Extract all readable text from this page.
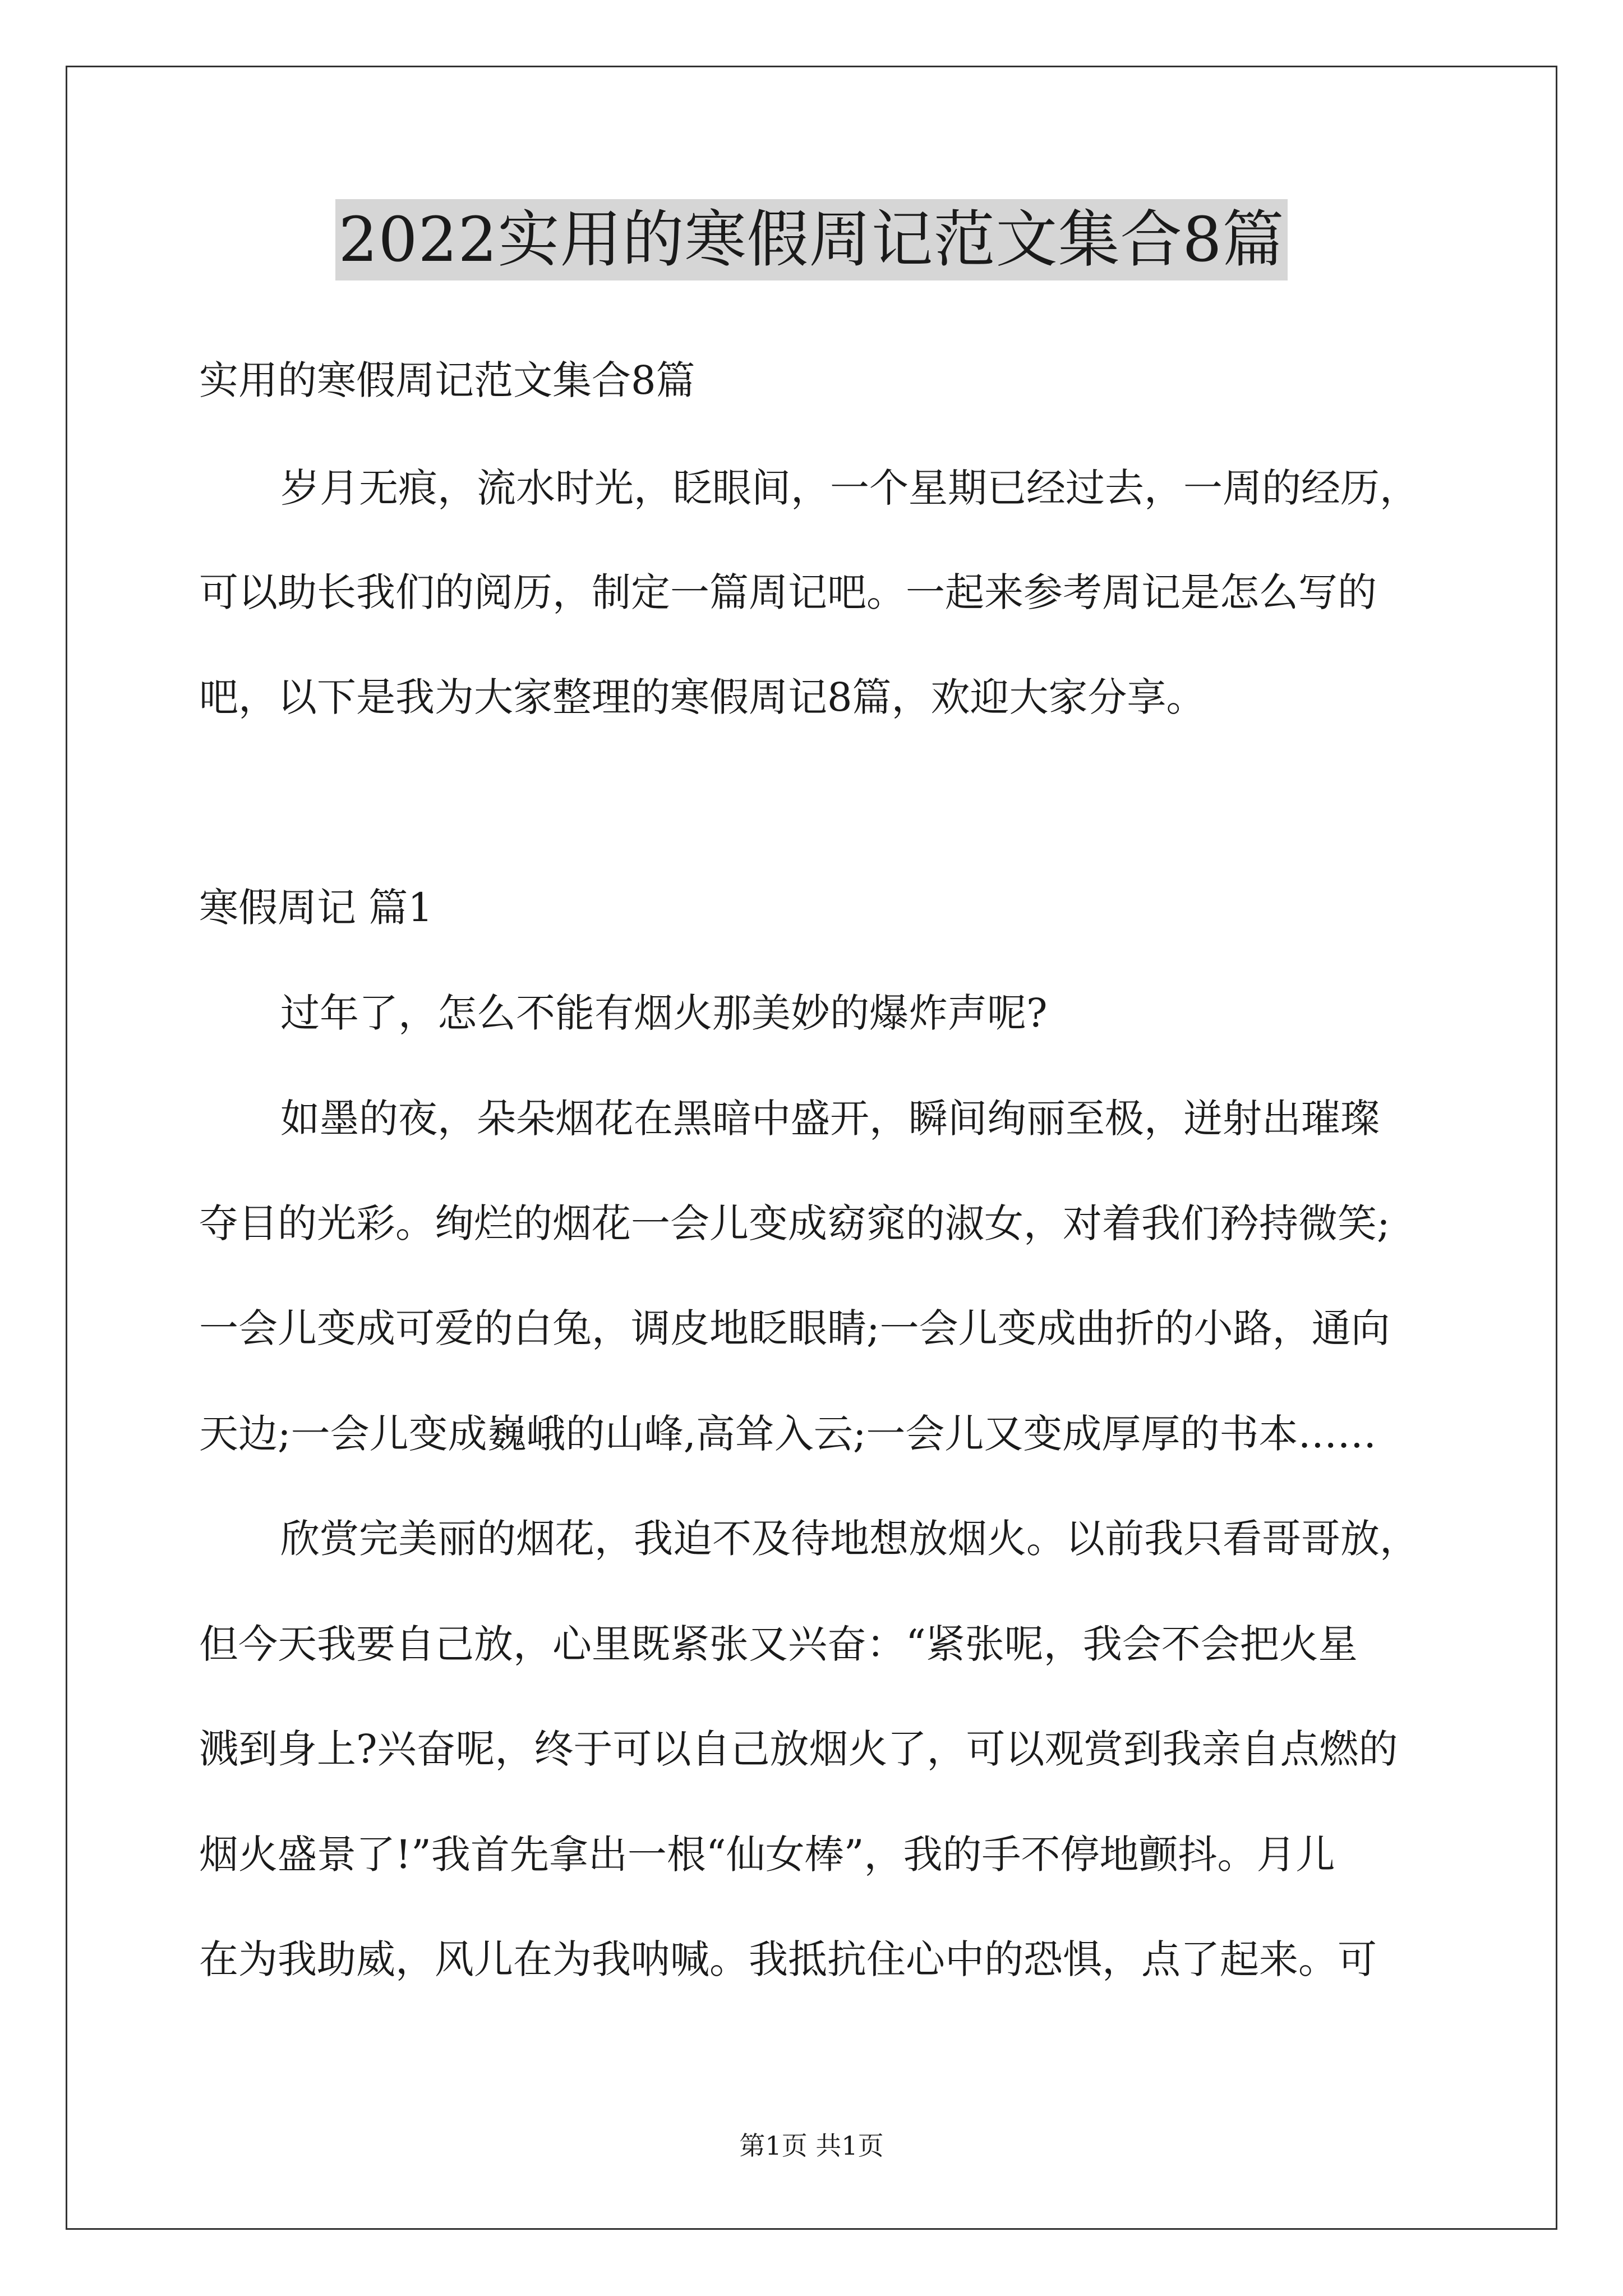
2022实用的寒假周记范文集合8篇
实用的寒假周记范文集合8篇
岁月无痕，流水时光，眨眼间，一个星期已经过去，一周的经历，
可以助长我们的阅历，制定一篇周记吧。一起来参考周记是怎么写的
吧，以下是我为大家整理的寒假周记8篇，欢迎大家分享。
寒假周记 篇1
过年了，怎么不能有烟火那美妙的爆炸声呢?
如墨的夜，朵朵烟花在黑暗中盛开，瞬间绚丽至极，迸射出璀璨
夺目的光彩。绚烂的烟花一会儿变成窈窕的淑女，对着我们矜持微笑;
一会儿变成可爱的白兔，调皮地眨眼睛;一会儿变成曲折的小路，通向
天边;一会儿变成巍峨的山峰,高耸入云;一会儿又变成厚厚的书本……
欣赏完美丽的烟花，我迫不及待地想放烟火。以前我只看哥哥放，
但今天我要自己放，心里既紧张又兴奋：“紧张呢，我会不会把火星
溅到身上?兴奋呢，终于可以自己放烟火了，可以观赏到我亲自点燃的
烟火盛景了!”我首先拿出一根“仙女棒”，我的手不停地颤抖。月儿
在为我助威，风儿在为我呐喊。我抵抗住心中的恐惧，点了起来。可
第1页 共1页
